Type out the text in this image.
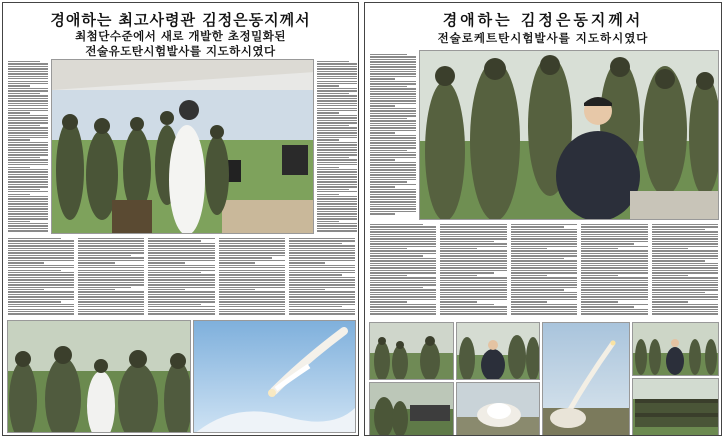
경애하는 최고사령관 김정은동지께서
최첨단수준에서 새로 개발한 초정밀화된
전술유도탄시험발사를 지도하시였다
경애하는 김정은동지께서
전술로케트탄시험발사를 지도하시였다
